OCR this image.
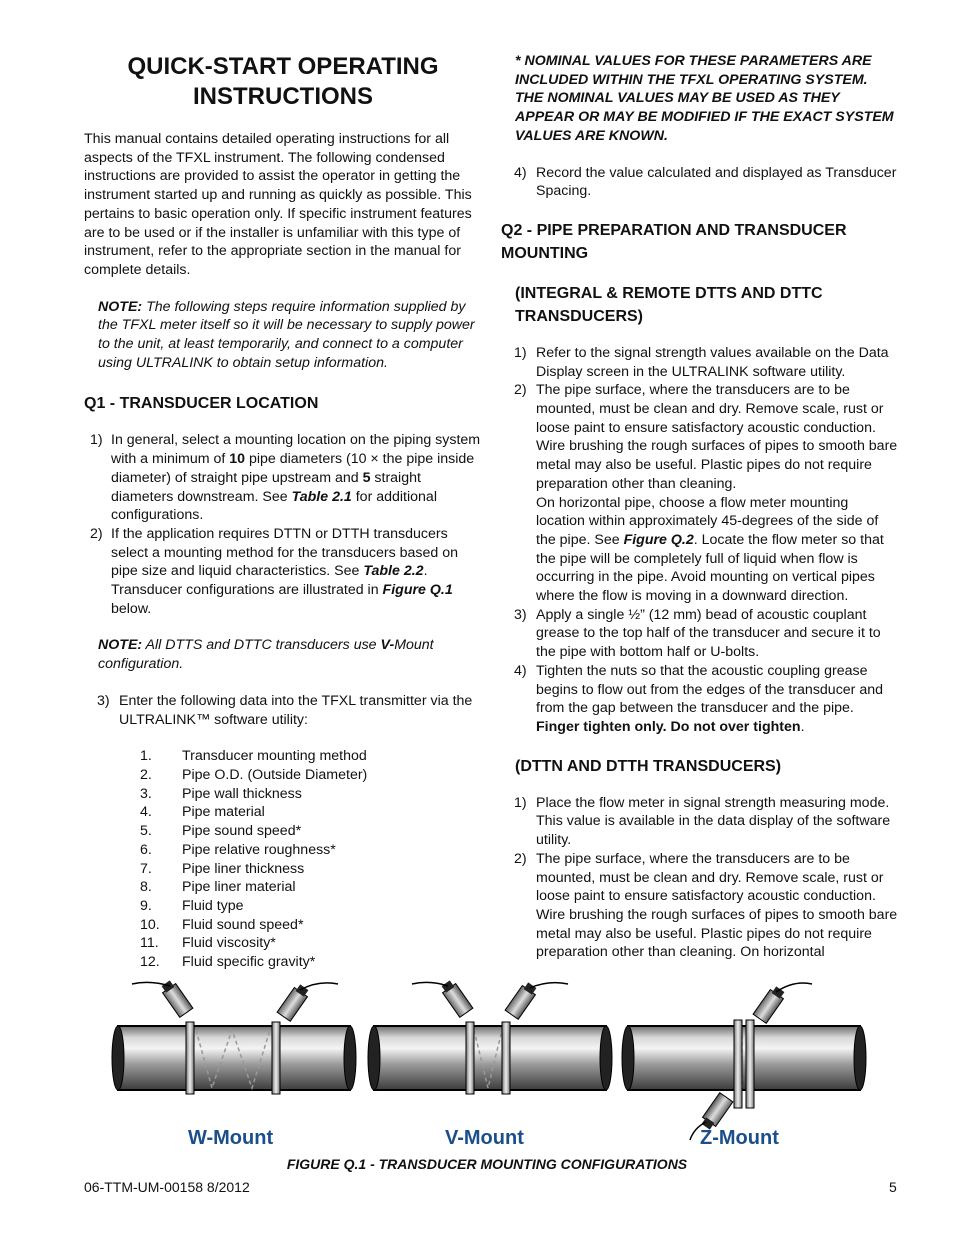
QUICK-START OPERATING INSTRUCTIONS

This manual contains detailed operating instructions for all aspects of the TFXL instrument. The following condensed instructions are provided to assist the operator in getting the instrument started up and running as quickly as possible. This pertains to basic operation only. If specific instrument features are to be used or if the installer is unfamiliar with this type of instrument, refer to the appropriate section in the manual for complete details.

NOTE: The following steps require information supplied by the TFXL meter itself so it will be necessary to supply power to the unit, at least temporarily, and connect to a computer using ULTRALINK to obtain setup information.
Q1 - TRANSDUCER LOCATION
1) In general, select a mounting location on the piping system with a minimum of 10 pipe diameters (10 × the pipe inside diameter) of straight pipe upstream and 5 straight diameters downstream. See Table 2.1 for additional configurations.
2) If the application requires DTTN or DTTH transducers select a mounting method for the transducers based on pipe size and liquid characteristics. See Table 2.2. Transducer configurations are illustrated in Figure Q.1 below.
NOTE: All DTTS and DTTC transducers use V-Mount configuration.
3) Enter the following data into the TFXL transmitter via the ULTRALINK™ software utility:
1. Transducer mounting method
2. Pipe O.D. (Outside Diameter)
3. Pipe wall thickness
4. Pipe material
5. Pipe sound speed*
6. Pipe relative roughness*
7. Pipe liner thickness
8. Pipe liner material
9. Fluid type
10. Fluid sound speed*
11. Fluid viscosity*
12. Fluid specific gravity*
* NOMINAL VALUES FOR THESE PARAMETERS ARE INCLUDED WITHIN THE TFXL OPERATING SYSTEM. THE NOMINAL VALUES MAY BE USED AS THEY APPEAR OR MAY BE MODIFIED IF THE EXACT SYSTEM VALUES ARE KNOWN.
4) Record the value calculated and displayed as Transducer Spacing.
Q2 - PIPE PREPARATION AND TRANSDUCER MOUNTING
(INTEGRAL & REMOTE DTTS AND DTTC TRANSDUCERS)
1) Refer to the signal strength values available on the Data Display screen in the ULTRALINK software utility.
2) The pipe surface, where the transducers are to be mounted, must be clean and dry. Remove scale, rust or loose paint to ensure satisfactory acoustic conduction. Wire brushing the rough surfaces of pipes to smooth bare metal may also be useful. Plastic pipes do not require preparation other than cleaning.
On horizontal pipe, choose a flow meter mounting location within approximately 45-degrees of the side of the pipe. See Figure Q.2. Locate the flow meter so that the pipe will be completely full of liquid when flow is occurring in the pipe. Avoid mounting on vertical pipes where the flow is moving in a downward direction.
3) Apply a single ½” (12 mm) bead of acoustic couplant grease to the top half of the transducer and secure it to the pipe with bottom half or U-bolts.
4) Tighten the nuts so that the acoustic coupling grease begins to flow out from the edges of the transducer and from the gap between the transducer and the pipe. Finger tighten only. Do not over tighten.
(DTTN AND DTTH TRANSDUCERS)
1) Place the flow meter in signal strength measuring mode. This value is available in the data display of the software utility.
2) The pipe surface, where the transducers are to be mounted, must be clean and dry. Remove scale, rust or loose paint to ensure satisfactory acoustic conduction. Wire brushing the rough surfaces of pipes to smooth bare metal may also be useful. Plastic pipes do not require preparation other than cleaning. On horizontal
W-Mount	V-Mount	Z-Mount
FIGURE Q.1 - TRANSDUCER MOUNTING CONFIGURATIONS
06-TTM-UM-00158 8/2012	5
